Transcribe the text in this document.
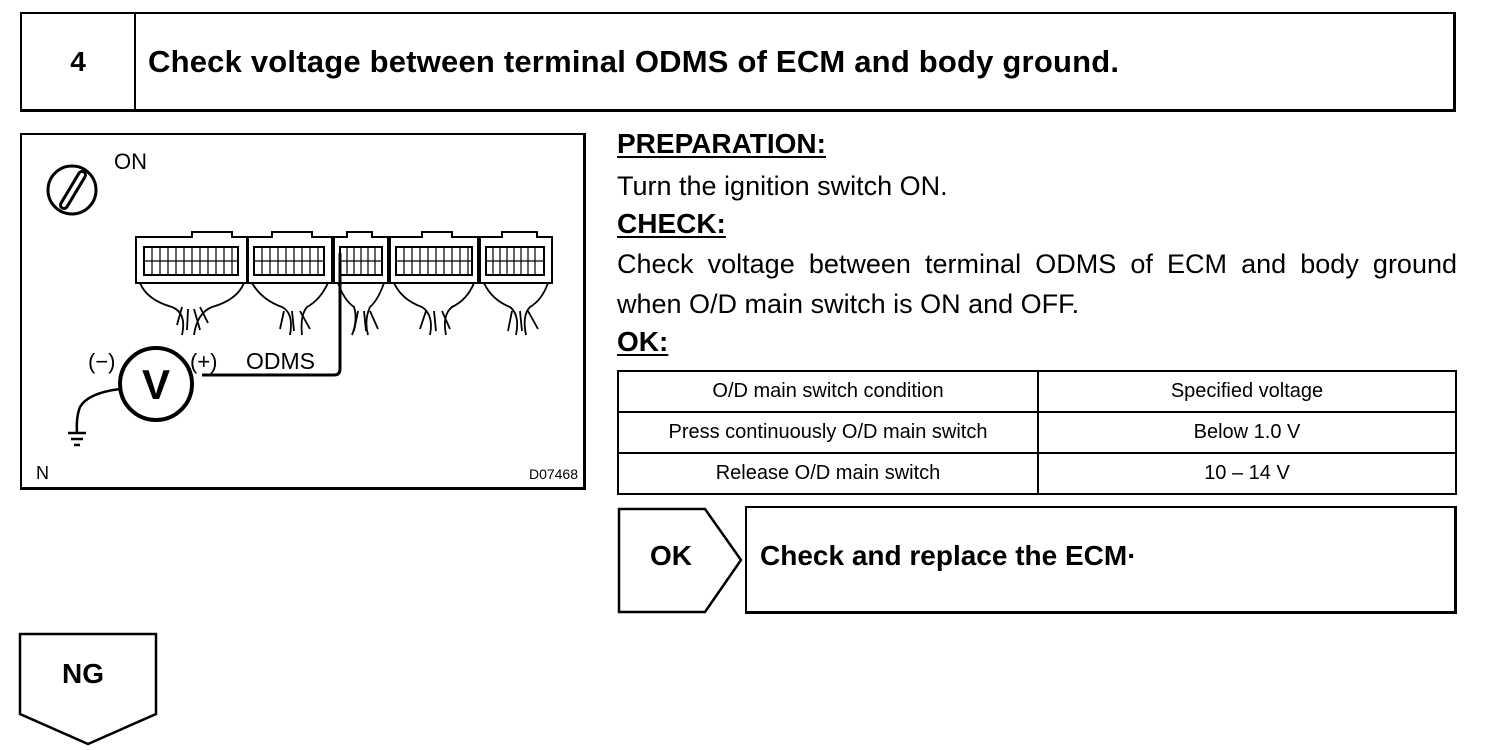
4	Check voltage between terminal ODMS of ECM and body ground.
ON
V
(−)	(+) ODMS
N	D07468
PREPARATION:
Turn the ignition switch ON.
CHECK:
Check voltage between terminal ODMS of ECM and body ground when O/D main switch is ON and OFF.
OK:
O/D main switch condition	Specified voltage
Press continuously O/D main switch	Below 1.0 V
Release O/D main switch	10 – 14 V
OK Check and replace the ECM·
NG
